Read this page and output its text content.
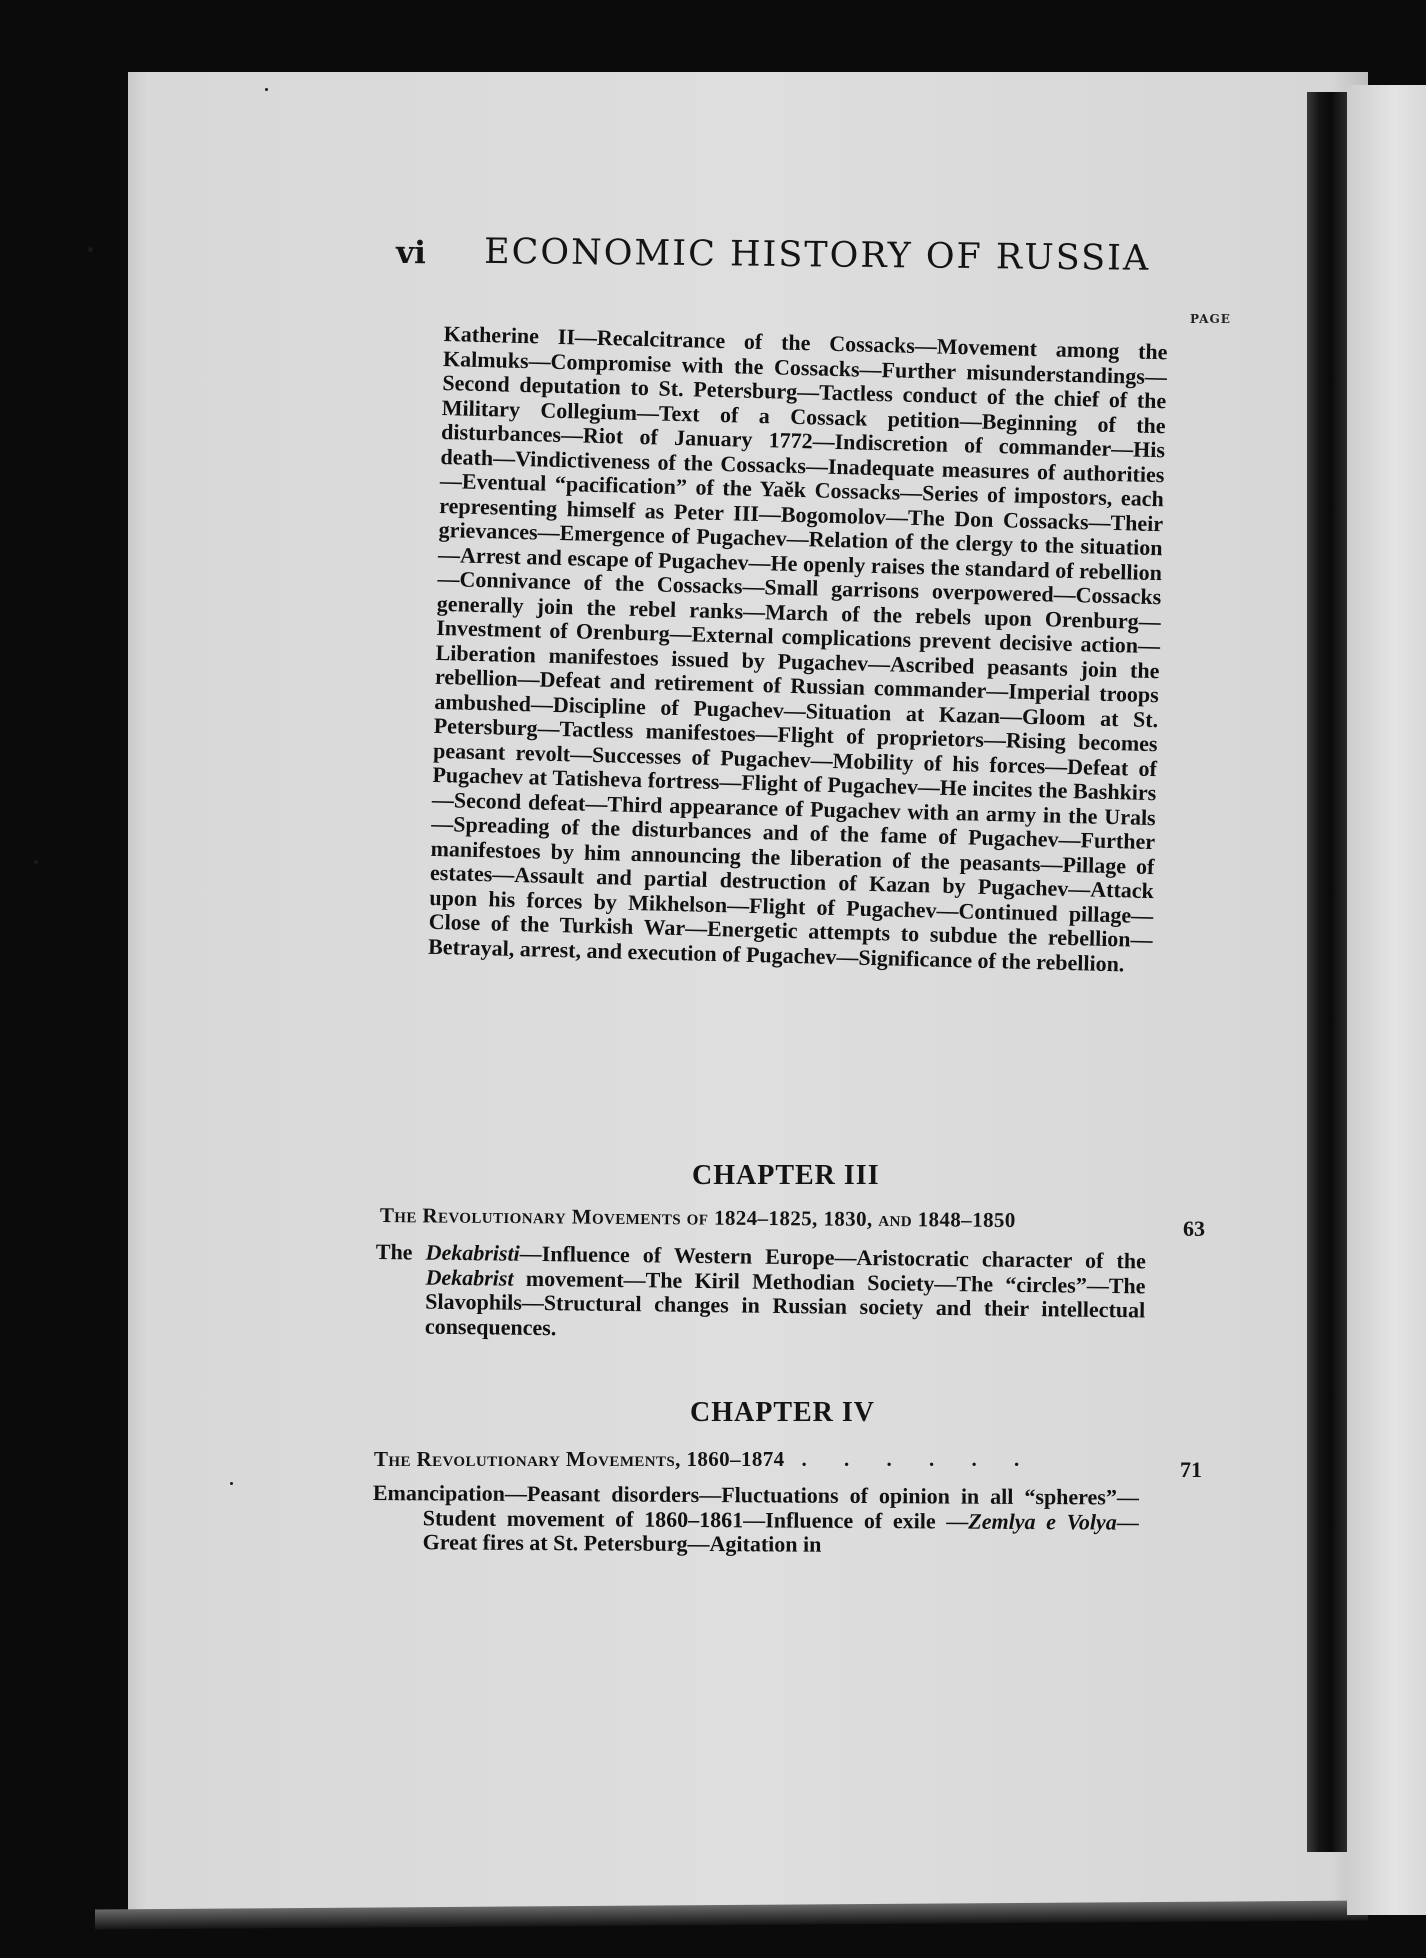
vi ECONOMIC HISTORY OF RUSSIA
PAGE
Katherine II—Recalcitrance of the Cossacks—Movement among the Kalmuks—Compromise with the Cossacks—Further misunderstandings—Second deputation to St. Petersburg—Tactless conduct of the chief of the Military Collegium—Text of a Cossack petition—Beginning of the disturbances—Riot of January 1772—Indiscretion of commander—His death—Vindictiveness of the Cossacks—Inadequate measures of authorities—Eventual “pacification” of the Yaĕk Cossacks—Series of impostors, each representing himself as Peter III—Bogomolov—The Don Cossacks—Their grievances—Emergence of Pugachev—Relation of the clergy to the situation—Arrest and escape of Pugachev—He openly raises the standard of rebellion—Connivance of the Cossacks—Small garrisons overpowered—Cossacks generally join the rebel ranks—March of the rebels upon Orenburg—Investment of Orenburg—External complications prevent decisive action—Liberation manifestoes issued by Pugachev—Ascribed peasants join the rebellion—Defeat and retirement of Russian commander—Imperial troops ambushed—Discipline of Pugachev—Situation at Kazan—Gloom at St. Petersburg—Tactless manifestoes—Flight of proprietors—Rising becomes peasant revolt—Successes of Pugachev—Mobility of his forces—Defeat of Pugachev at Tatisheva fortress—Flight of Pugachev—He incites the Bashkirs—Second defeat—Third appearance of Pugachev with an army in the Urals—Spreading of the disturbances and of the fame of Pugachev—Further manifestoes by him announcing the liberation of the peasants—Pillage of estates—Assault and partial destruction of Kazan by Pugachev—Attack upon his forces by Mikhelson—Flight of Pugachev—Continued pillage—Close of the Turkish War—Energetic attempts to subdue the rebellion—Betrayal, arrest, and execution of Pugachev—Significance of the rebellion.
CHAPTER III
The Revolutionary Movements of 1824–1825, 1830, and 1848–1850	63

The Dekabristi—Influence of Western Europe—Aristocratic character of the Dekabrist movement—The Kiril Methodian Society—The “circles”—The Slavophils—Structural changes in Russian society and their intellectual consequences.

CHAPTER IV
The Revolutionary Movements, 1860–1874 . . . . . .	71

Emancipation—Peasant disorders—Fluctuations of opinion in all “spheres”—Student movement of 1860–1861—Influence of exile —Zemlya e Volya—Great fires at St. Petersburg—Agitation in
